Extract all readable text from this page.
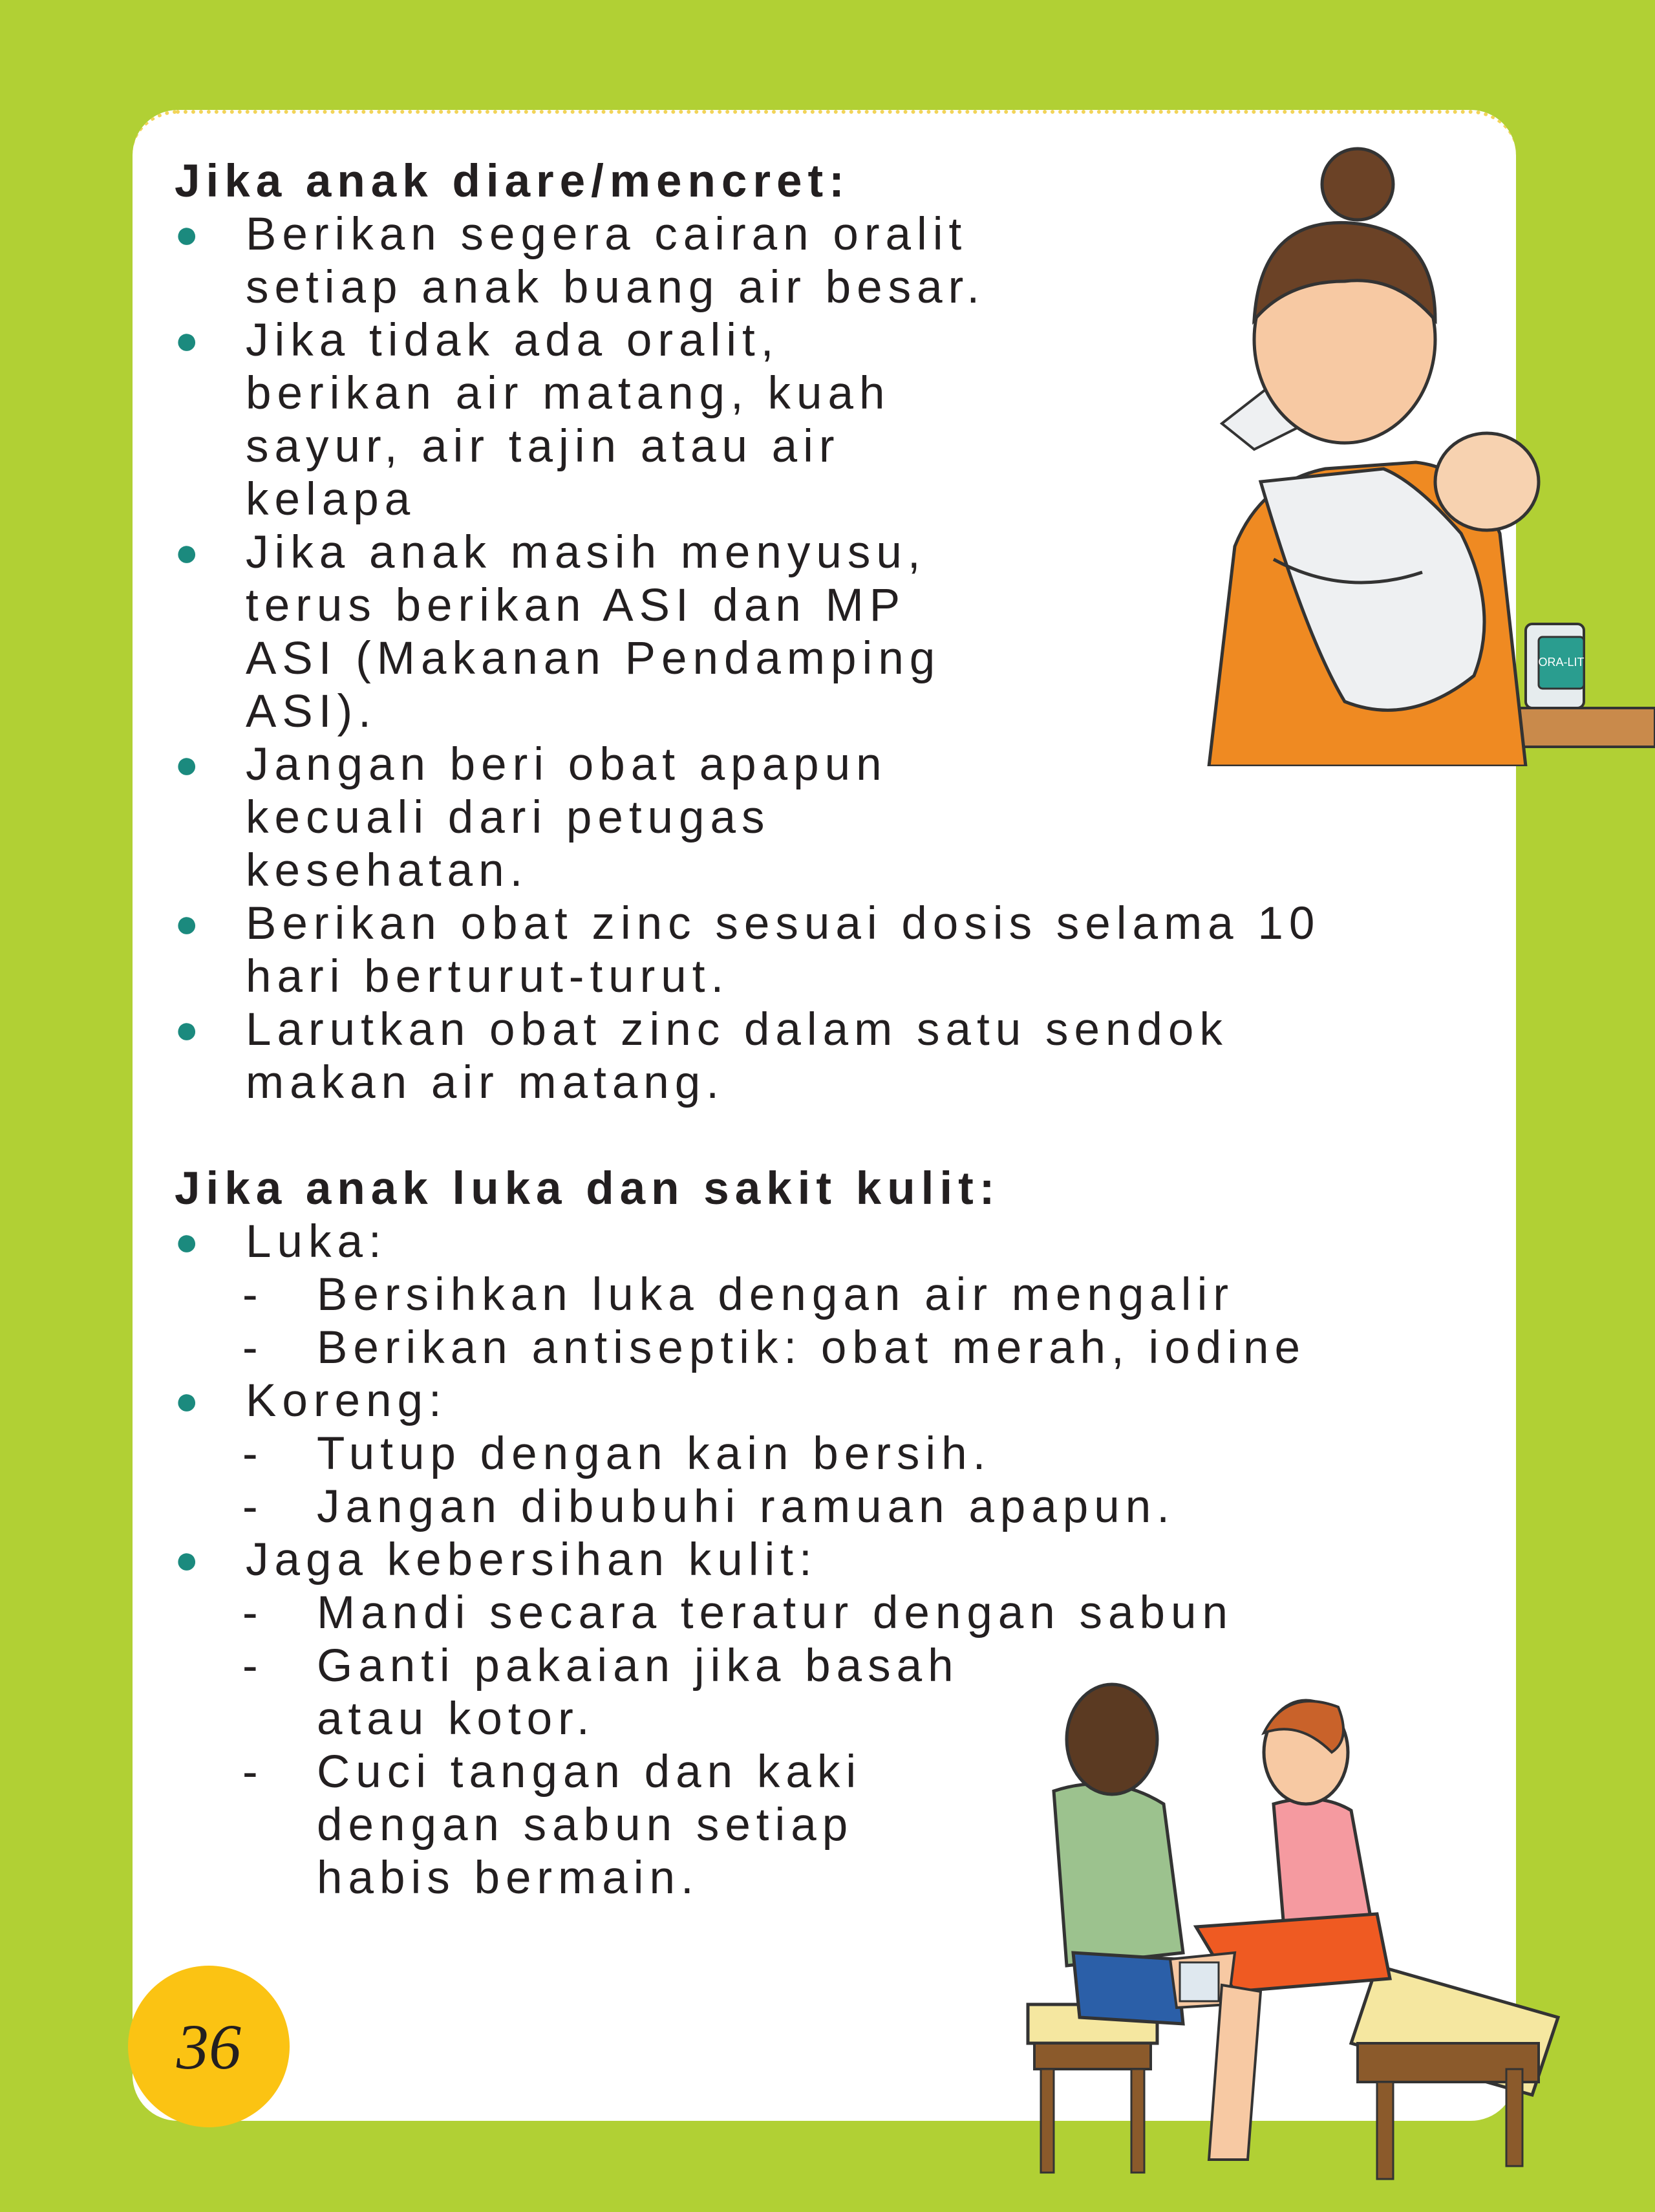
Jika anak diare/mencret:
● Berikan segera cairan oralit
setiap anak buang air besar.
● Jika tidak ada oralit,
berikan air matang, kuah
sayur, air tajin atau air
kelapa
● Jika anak masih menyusu,
terus berikan ASI dan MP
ASI (Makanan Pendamping
ASI).
● Jangan beri obat apapun
kecuali dari petugas
kesehatan.
● Berikan obat zinc sesuai dosis selama 10
hari berturut-turut.
● Larutkan obat zinc dalam satu sendok
makan air matang.
Jika anak luka dan sakit kulit:
● Luka:
- Bersihkan luka dengan air mengalir
- Berikan antiseptik: obat merah, iodine
● Koreng:
- Tutup dengan kain bersih.
- Jangan dibubuhi ramuan apapun.
● Jaga kebersihan kulit:
- Mandi secara teratur dengan sabun
- Ganti pakaian jika basah
atau kotor.
- Cuci tangan dan kaki
dengan sabun setiap
habis bermain.
ORA-LIT
36
